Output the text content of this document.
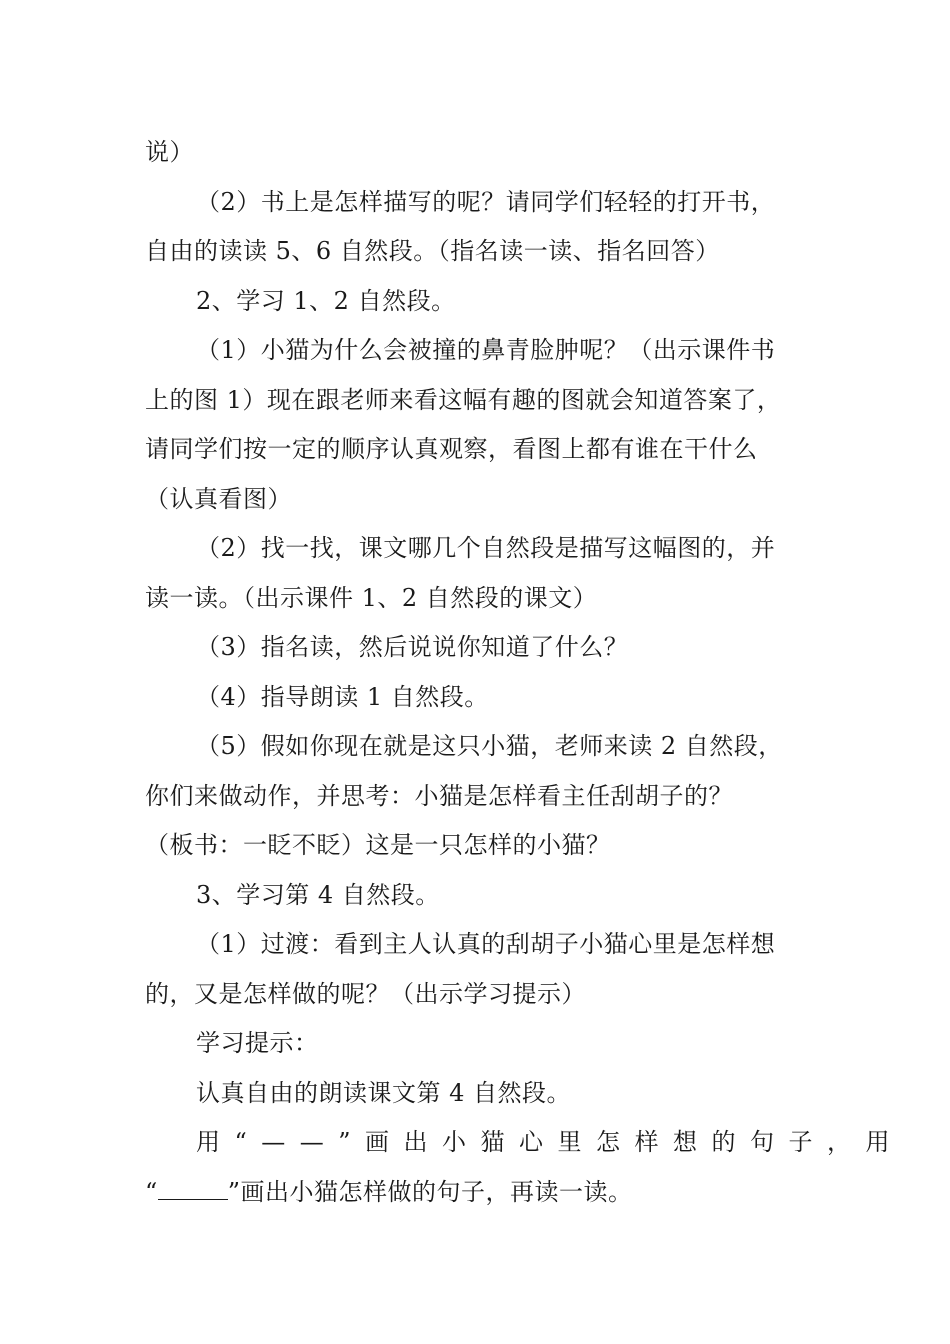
说）

（2）书上是怎样描写的呢？请同学们轻轻的打开书，

自由的读读 5、6 自然段。（指名读一读、指名回答）

2、学习 1、2 自然段。

（1）小猫为什么会被撞的鼻青脸肿呢？（出示课件书

上的图 1）现在跟老师来看这幅有趣的图就会知道答案了，

请同学们按一定的顺序认真观察，看图上都有谁在干什么

（认真看图）

（2）找一找，课文哪几个自然段是描写这幅图的，并

读一读。（出示课件 1、2 自然段的课文）

（3）指名读，然后说说你知道了什么？

（4）指导朗读 1 自然段。

（5）假如你现在就是这只小猫，老师来读 2 自然段，

你们来做动作，并思考：小猫是怎样看主任刮胡子的？

（板书：一眨不眨）这是一只怎样的小猫？

3、学习第 4 自然段。

（1）过渡：看到主人认真的刮胡子小猫心里是怎样想

的，又是怎样做的呢？（出示学习提示）

学习提示：

认真自由的朗读课文第 4 自然段。

用“——”画出小猫心里怎样想的句子，用

“	”画出小猫怎样做的句子，再读一读。
